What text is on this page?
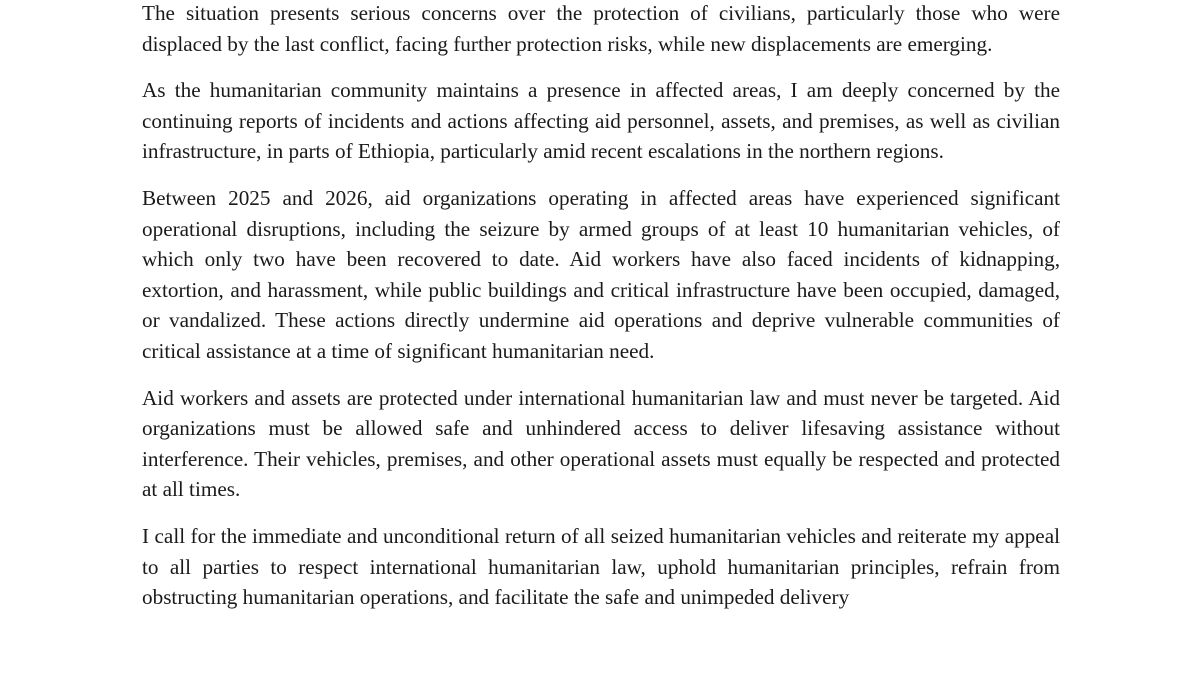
The situation presents serious concerns over the protection of civilians, particularly those who were displaced by the last conflict, facing further protection risks, while new displacements are emerging.

As the humanitarian community maintains a presence in affected areas, I am deeply concerned by the continuing reports of incidents and actions affecting aid personnel, assets, and premises, as well as civilian infrastructure, in parts of Ethiopia, particularly amid recent escalations in the northern regions.

Between 2025 and 2026, aid organizations operating in affected areas have experienced significant operational disruptions, including the seizure by armed groups of at least 10 humanitarian vehicles, of which only two have been recovered to date. Aid workers have also faced incidents of kidnapping, extortion, and harassment, while public buildings and critical infrastructure have been occupied, damaged, or vandalized. These actions directly undermine aid operations and deprive vulnerable communities of critical assistance at a time of significant humanitarian need.

Aid workers and assets are protected under international humanitarian law and must never be targeted. Aid organizations must be allowed safe and unhindered access to deliver lifesaving assistance without interference. Their vehicles, premises, and other operational assets must equally be respected and protected at all times.

I call for the immediate and unconditional return of all seized humanitarian vehicles and reiterate my appeal to all parties to respect international humanitarian law, uphold humanitarian principles, refrain from obstructing humanitarian operations, and facilitate the safe and unimpeded delivery
